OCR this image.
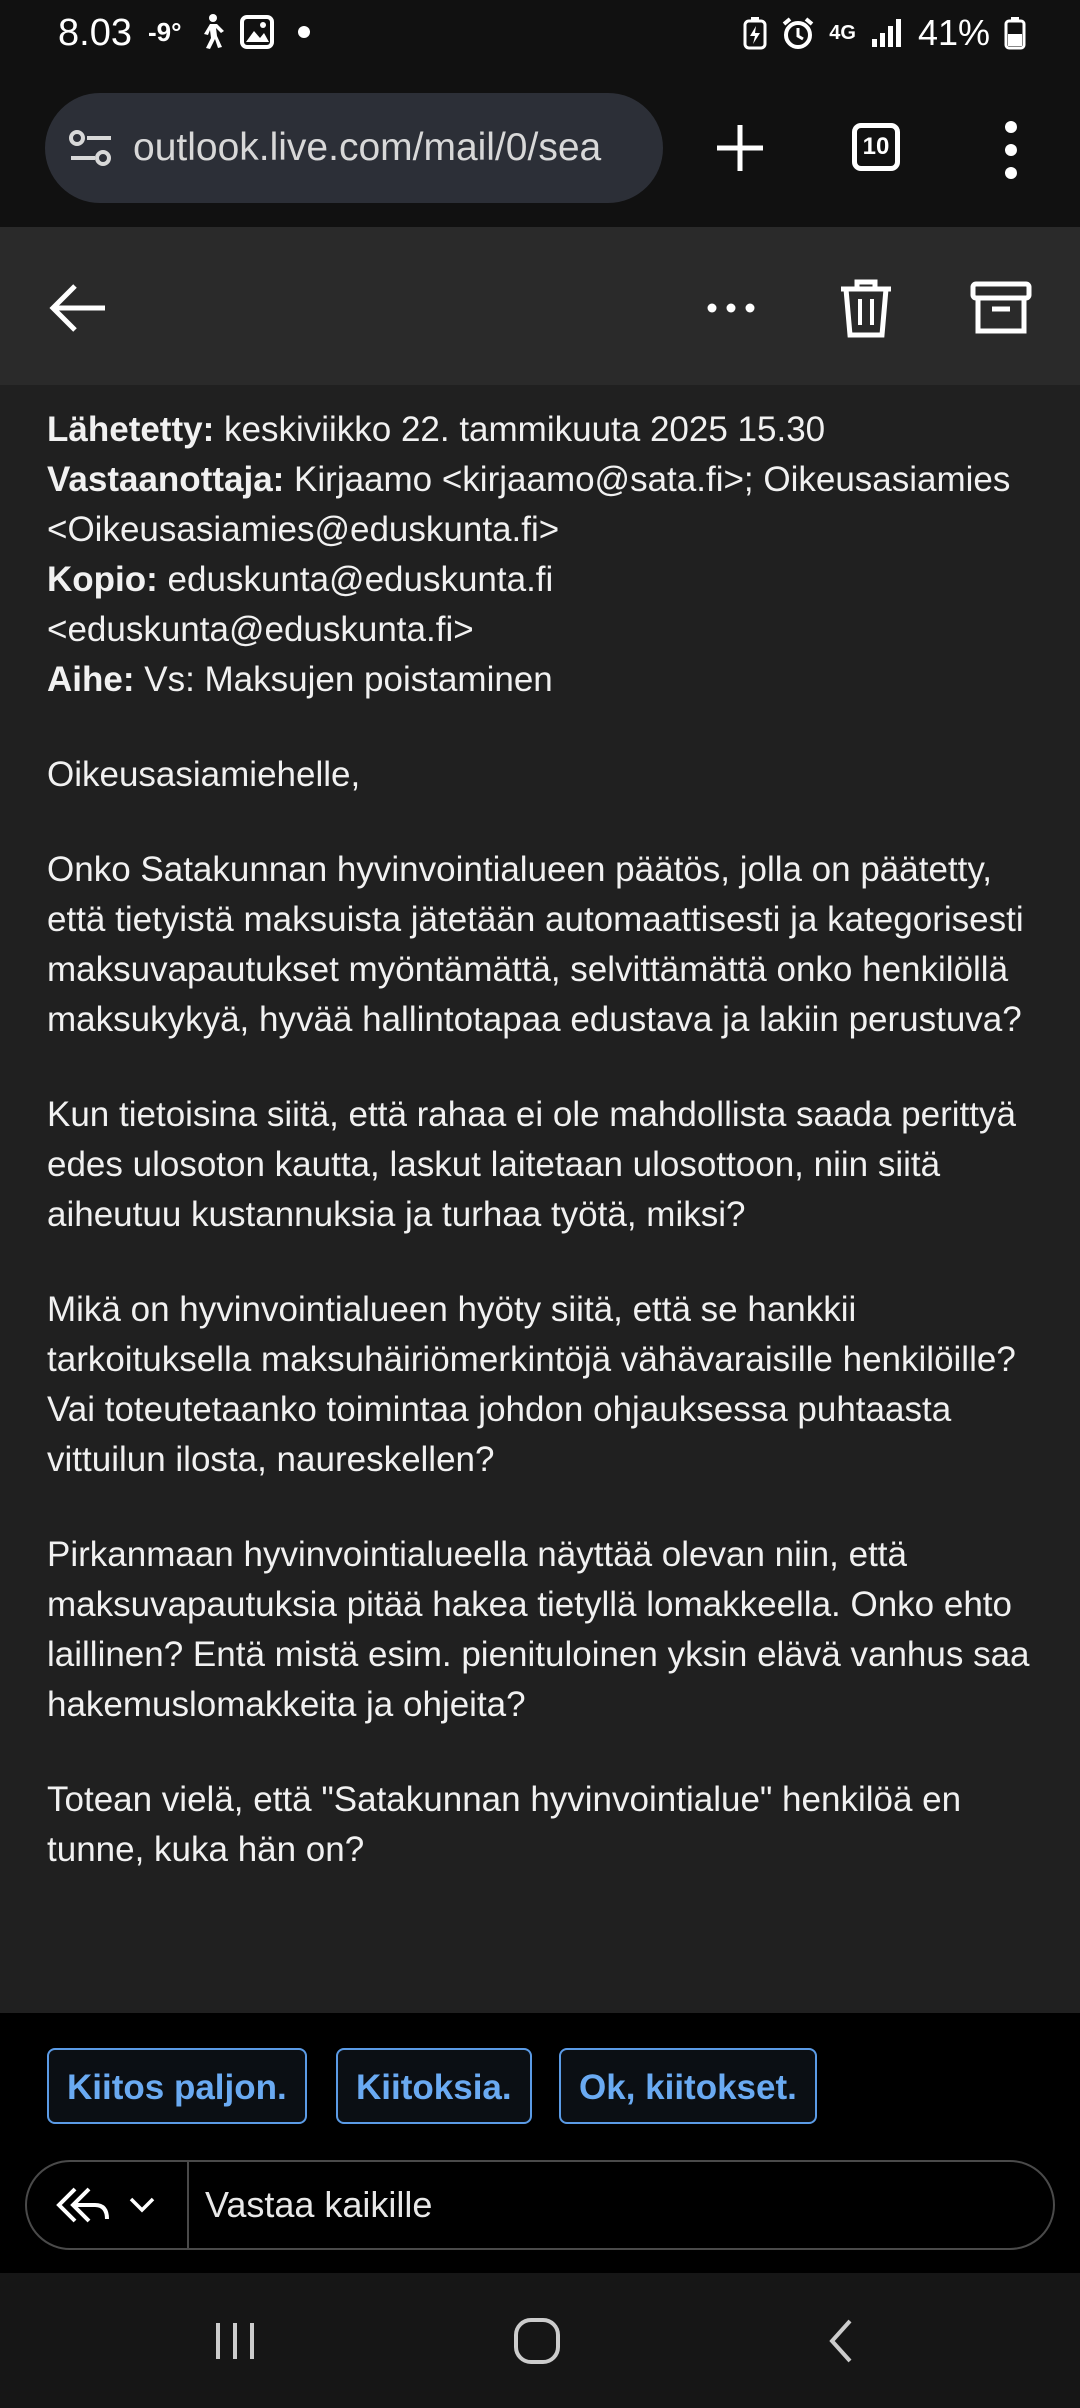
8.03 -9°	4G 41%
outlook.live.com/mail/0/sea	10

Lähetetty: keskiviikko 22. tammikuuta 2025 15.30

Vastaanottaja: Kirjaamo <kirjaamo@sata.fi>; Oikeusasiamies <Oikeusasiamies@eduskunta.fi>

Kopio: eduskunta@eduskunta.fi <eduskunta@eduskunta.fi>

Aihe: Vs: Maksujen poistaminen

Oikeusasiamiehelle,

Onko Satakunnan hyvinvointialueen päätös, jolla on päätetty, että tietyistä maksuista jätetään automaattisesti ja kategorisesti maksuvapautukset myöntämättä, selvittämättä onko henkilöllä maksukykyä, hyvää hallintotapaa edustava ja lakiin perustuva?

Kun tietoisina siitä, että rahaa ei ole mahdollista saada perittyä edes ulosoton kautta, laskut laitetaan ulosottoon, niin siitä aiheutuu kustannuksia ja turhaa työtä, miksi?

Mikä on hyvinvointialueen hyöty siitä, että se hankkii tarkoituksella maksuhäiriömerkintöjä vähävaraisille henkilöille? Vai toteutetaanko toimintaa johdon ohjauksessa puhtaasta vittuilun ilosta, naureskellen?

Pirkanmaan hyvinvointialueella näyttää olevan niin, että maksuvapautuksia pitää hakea tietyllä lomakkeella. Onko ehto laillinen? Entä mistä esim. pienituloinen yksin elävä vanhus saa hakemuslomakkeita ja ohjeita?

Totean vielä, että "Satakunnan hyvinvointialue" henkilöä en tunne, kuka hän on?

Kiitos paljon.	Kiitoksia.	Ok, kiitokset.
Vastaa kaikille
